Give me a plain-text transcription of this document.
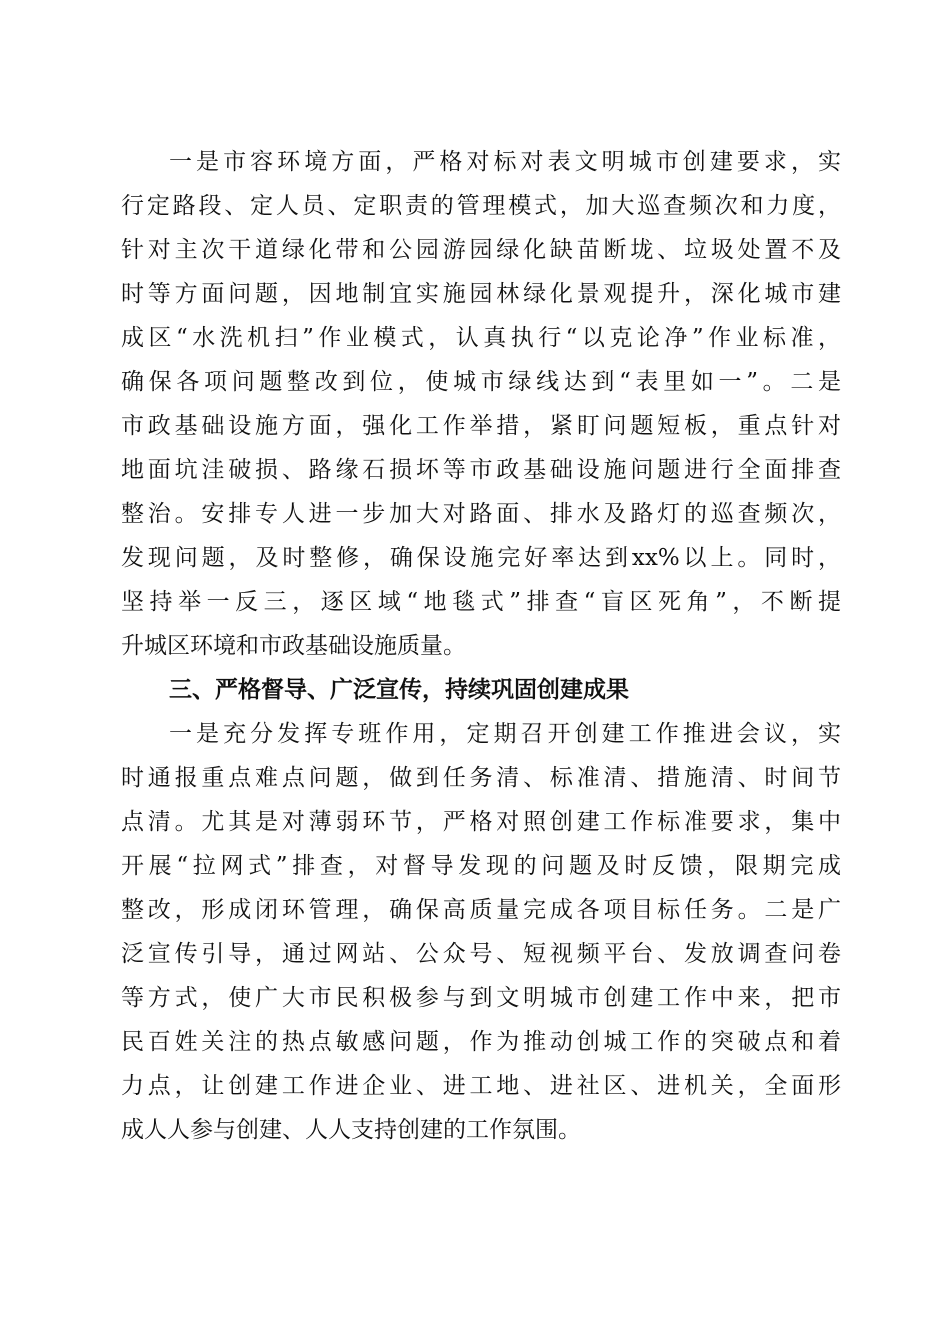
一是市容环境方面，严格对标对表文明城市创建要求，实
行定路段、定人员、定职责的管理模式，加大巡查频次和力度，
针对主次干道绿化带和公园游园绿化缺苗断垅、垃圾处置不及
时等方面问题，因地制宜实施园林绿化景观提升，深化城市建
成区“水洗机扫”作业模式，认真执行“以克论净”作业标准，
确保各项问题整改到位，使城市绿线达到“表里如一”。二是
市政基础设施方面，强化工作举措，紧盯问题短板，重点针对
地面坑洼破损、路缘石损坏等市政基础设施问题进行全面排查
整治。安排专人进一步加大对路面、排水及路灯的巡查频次，
发现问题，及时整修，确保设施完好率达到xx%以上。同时，
坚持举一反三，逐区域“地毯式”排查“盲区死角”，不断提
升城区环境和市政基础设施质量。
三、严格督导、广泛宣传，持续巩固创建成果
一是充分发挥专班作用，定期召开创建工作推进会议，实
时通报重点难点问题，做到任务清、标准清、措施清、时间节
点清。尤其是对薄弱环节，严格对照创建工作标准要求，集中
开展“拉网式”排查，对督导发现的问题及时反馈，限期完成
整改，形成闭环管理，确保高质量完成各项目标任务。二是广
泛宣传引导，通过网站、公众号、短视频平台、发放调查问卷
等方式，使广大市民积极参与到文明城市创建工作中来，把市
民百姓关注的热点敏感问题，作为推动创城工作的突破点和着
力点，让创建工作进企业、进工地、进社区、进机关，全面形
成人人参与创建、人人支持创建的工作氛围。
